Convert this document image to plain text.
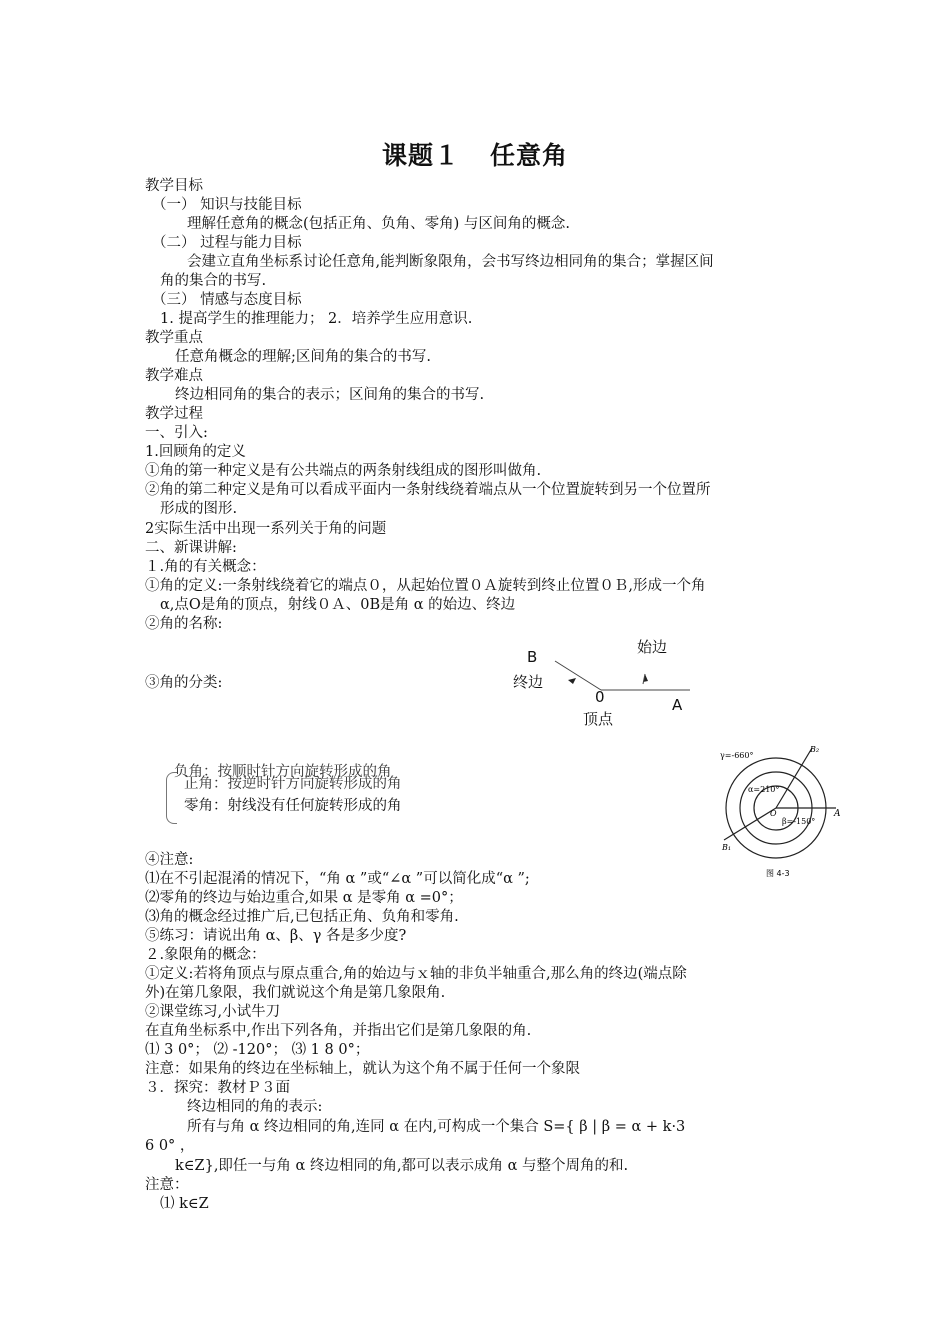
课题１ 任意角
教学目标
（一） 知识与技能目标
理解任意角的概念(包括正角、负角、零角) 与区间角的概念.
（二） 过程与能力目标
会建立直角坐标系讨论任意角,能判断象限角，会书写终边相同角的集合；掌握区间
角的集合的书写.
（三） 情感与态度目标
1. 提高学生的推理能力； 2．培养学生应用意识.
教学重点
任意角概念的理解;区间角的集合的书写.
教学难点
终边相同角的集合的表示；区间角的集合的书写.
教学过程
一、引入:
1.回顾角的定义
①角的第一种定义是有公共端点的两条射线组成的图形叫做角.
②角的第二种定义是角可以看成平面内一条射线绕着端点从一个位置旋转到另一个位置所
形成的图形.
2实际生活中出现一系列关于角的问题
二、新课讲解:
１.角的有关概念：
①角的定义:一条射线绕着它的端点０，从起始位置０Ａ旋转到终止位置０Ｂ,形成一个角
α,点O是角的顶点，射线０Ａ、0B是角 α 的始边、终边
②角的名称:
③角的分类:
B
终边
始边
0	A
顶点
负角：按顺时针方向旋转形成的角
正角：按逆时针方向旋转形成的角
零角：射线没有任何旋转形成的角
γ=-660°
α=210°
β=-150°
O	A
B₂
B₁
图 4-3
④注意:
⑴在不引起混淆的情况下，“角 α ”或“∠α ”可以简化成“α ”;
⑵零角的终边与始边重合,如果 α 是零角 α =0°；
⑶角的概念经过推广后,已包括正角、负角和零角.
⑤练习：请说出角 α、β、γ 各是多少度?
２.象限角的概念：
①定义:若将角顶点与原点重合,角的始边与ｘ轴的非负半轴重合,那么角的终边(端点除
外)在第几象限，我们就说这个角是第几象限角.
②课堂练习,小试牛刀
在直角坐标系中,作出下列各角，并指出它们是第几象限的角.
⑴ 3 0°； ⑵ -120°； ⑶ 1 8 0°；
注意：如果角的终边在坐标轴上，就认为这个角不属于任何一个象限
３．探究：教材Ｐ３面
终边相同的角的表示:
所有与角 α 终边相同的角,连同 α 在内,可构成一个集合 S={ β | β = α + k·3
6 0° ，
k∈Z},即任一与角 α 终边相同的角,都可以表示成角 α 与整个周角的和.
注意：
⑴ k∈Z
